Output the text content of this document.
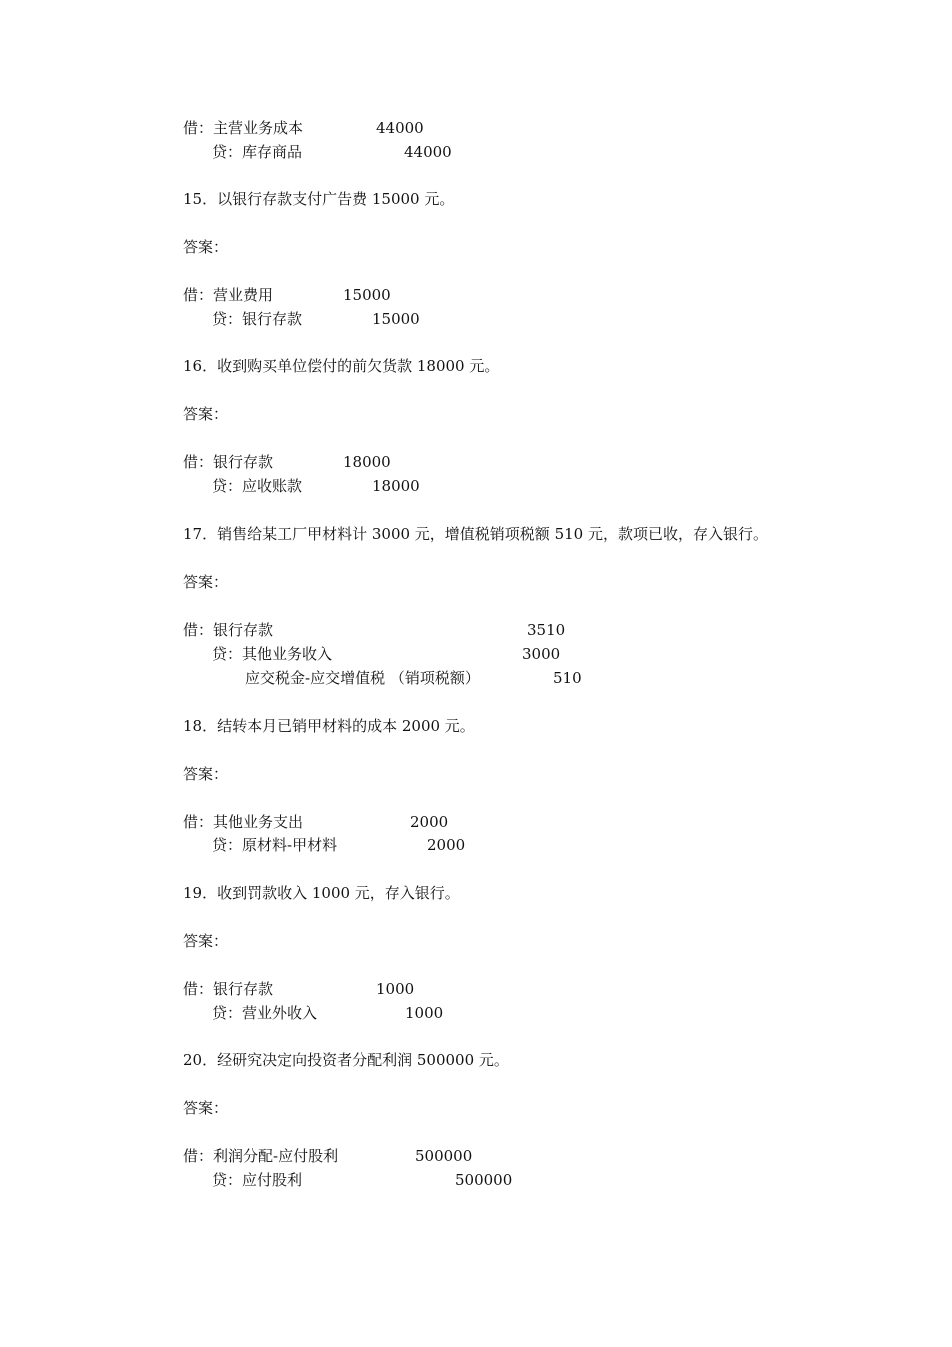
借：主营业务成本	44000
贷：库存商品	44000
15．以银行存款支付广告费 15000 元。
答案：
借：营业费用	15000
贷：银行存款	15000
16．收到购买单位偿付的前欠货款 18000 元。
答案：
借：银行存款	18000
贷：应收账款	18000
17．销售给某工厂甲材料计 3000 元，增值税销项税额 510 元，款项已收，存入银行。
答案：
借：银行存款	3510
贷：其他业务收入	3000
应交税金-应交增值税 （销项税额）	510
18．结转本月已销甲材料的成本 2000 元。
答案：
借：其他业务支出	2000
贷：原材料-甲材料	2000
19．收到罚款收入 1000 元，存入银行。
答案：
借：银行存款	1000
贷：营业外收入	1000
20．经研究决定向投资者分配利润 500000 元。
答案：
借：利润分配-应付股利	500000
贷：应付股利	500000
